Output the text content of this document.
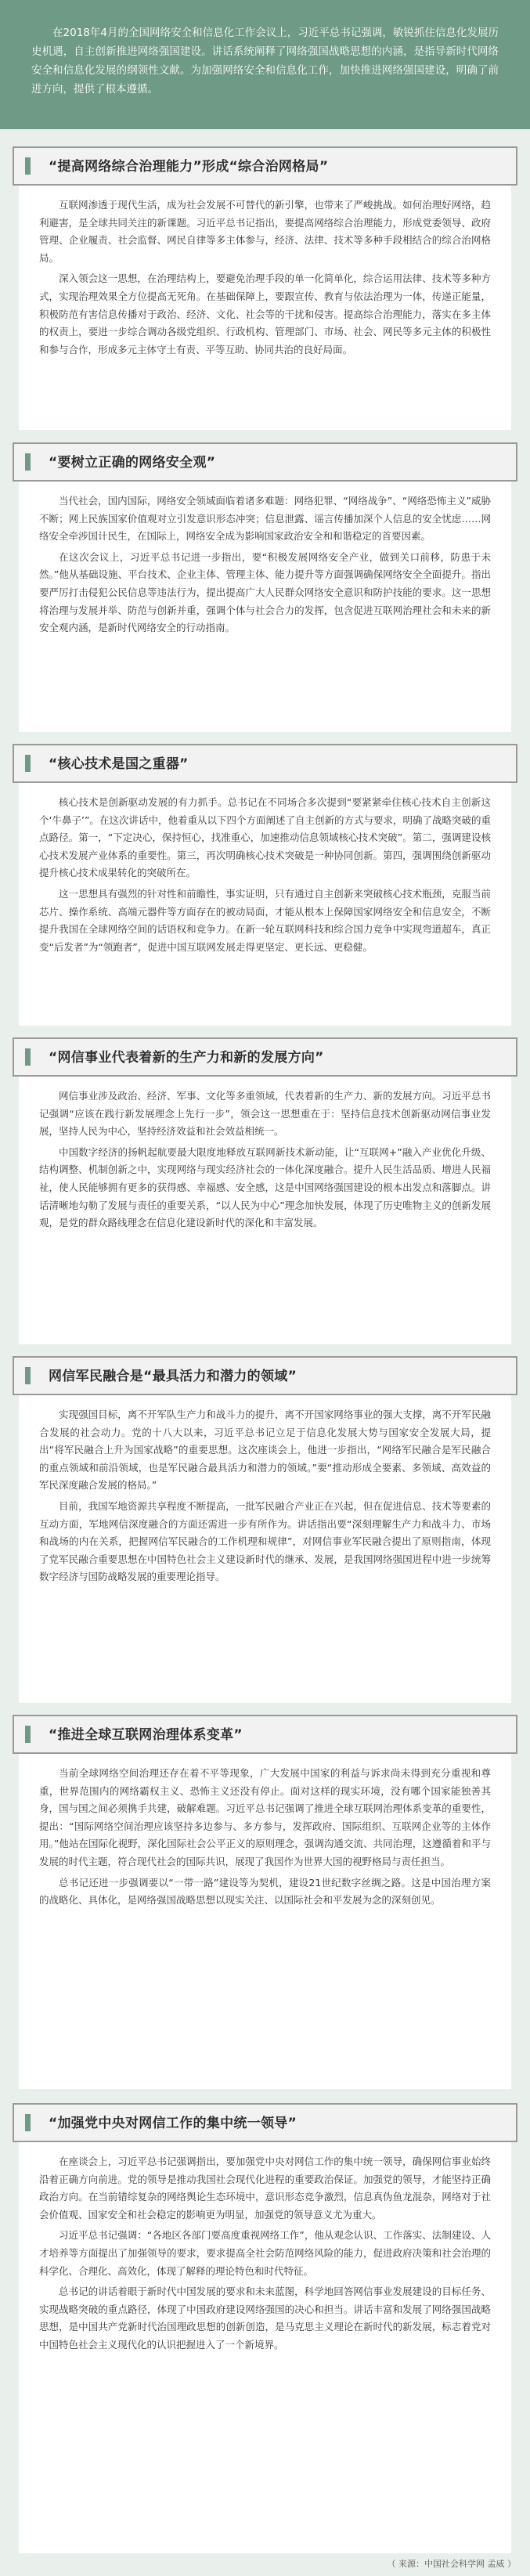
在2018年4月的全国网络安全和信息化工作会议上，习近平总书记强调，敏锐抓住信息化发展历史机遇，自主创新推进网络强国建设。讲话系统阐释了网络强国战略思想的内涵，是指导新时代网络安全和信息化发展的纲领性文献。为加强网络安全和信息化工作，加快推进网络强国建设，明确了前进方向，提供了根本遵循。
“提高网络综合治理能力”形成“综合治网格局”

互联网渗透于现代生活，成为社会发展不可替代的新引擎，也带来了严峻挑战。如何治理好网络，趋利避害，是全球共同关注的新课题。习近平总书记指出，要提高网络综合治理能力，形成党委领导、政府管理、企业履责、社会监督、网民自律等多主体参与，经济、法律、技术等多种手段相结合的综合治网格局。

深入领会这一思想，在治理结构上，要避免治理手段的单一化简单化，综合运用法律、技术等多种方式，实现治理效果全方位提高无死角。在基础保障上，要跟宣传、教育与依法治理为一体，传递正能量，积极防范有害信息传播对于政治、经济、文化、社会等的干扰和侵害。提高综合治理能力，落实在多主体的权责上，要进一步综合调动各级党组织、行政机构、管理部门、市场、社会、网民等多元主体的积极性和参与合作，形成多元主体守土有责、平等互助、协同共治的良好局面。

“要树立正确的网络安全观”

当代社会，国内国际，网络安全领域面临着诸多难题：网络犯罪、“网络战争”、“网络恐怖主义”威胁不断；网上民族国家价值观对立引发意识形态冲突；信息泄露、谣言传播加深个人信息的安全忧虑……网络安全牵涉国计民生，在国际上，网络安全成为影响国家政治安全和和谐稳定的首要因素。

在这次会议上，习近平总书记进一步指出，要“积极发展网络安全产业，做到关口前移，防患于未然。”他从基础设施、平台技术、企业主体、管理主体、能力提升等方面强调确保网络安全全面提升。指出要严厉打击侵犯公民信息等违法行为，提出提高广大人民群众网络安全意识和防护技能的要求。这一思想将治理与发展并举、防范与创新并重，强调个体与社会合力的发挥，包含促进互联网治理社会和未来的新安全观内涵，是新时代网络安全的行动指南。

“核心技术是国之重器”

核心技术是创新驱动发展的有力抓手。总书记在不同场合多次提到“要紧紧牵住核心技术自主创新这个‘牛鼻子’”。在这次讲话中，他着重从以下四个方面阐述了自主创新的方式与要求，明确了战略突破的重点路径。第一，“下定决心，保持恒心，找准重心，加速推动信息领域核心技术突破”。第二，强调建设核心技术发展产业体系的重要性。第三，再次明确核心技术突破是一种协同创新。第四，强调围绕创新驱动提升核心技术成果转化的突破所在。

这一思想具有强烈的针对性和前瞻性，事实证明，只有通过自主创新来突破核心技术瓶颈，克服当前芯片、操作系统、高端元器件等方面存在的被动局面，才能从根本上保障国家网络安全和信息安全，不断提升我国在全球网络空间的话语权和竞争力。在新一轮互联网科技和综合国力竞争中实现弯道超车，真正变“后发者”为“领跑者”，促进中国互联网发展走得更坚定、更长远、更稳健。

“网信事业代表着新的生产力和新的发展方向”

网信事业涉及政治、经济、军事、文化等多重领域，代表着新的生产力、新的发展方向。习近平总书记强调“应该在践行新发展理念上先行一步”，领会这一思想重在于：坚持信息技术创新驱动网信事业发展，坚持人民为中心，坚持经济效益和社会效益相统一。

中国数字经济的扬帆起航要最大限度地释放互联网新技术新动能，让“互联网+”融入产业优化升级、结构调整、机制创新之中，实现网络与现实经济社会的一体化深度融合。提升人民生活品质、增进人民福祉，使人民能够拥有更多的获得感、幸福感、安全感，这是中国网络强国建设的根本出发点和落脚点。讲话清晰地勾勒了发展与责任的重要关系，“以人民为中心”理念加快发展，体现了历史唯物主义的创新发展观，是党的群众路线理念在信息化建设新时代的深化和丰富发展。

网信军民融合是“最具活力和潜力的领域”

实现强国目标，离不开军队生产力和战斗力的提升，离不开国家网络事业的强大支撑，离不开军民融合发展的社会动力。党的十八大以来，习近平总书记立足于信息化发展大势与国家安全发展大局，提出“将军民融合上升为国家战略”的重要思想。这次座谈会上，他进一步指出，“网络军民融合是军民融合的重点领域和前沿领域，也是军民融合最具活力和潜力的领域。”要“推动形成全要素、多领域、高效益的军民深度融合发展的格局。”

目前，我国军地资源共享程度不断提高，一批军民融合产业正在兴起，但在促进信息、技术等要素的互动方面，军地网信深度融合的方面还需进一步有所作为。讲话指出要“深刻理解生产力和战斗力、市场和战场的内在关系，把握网信军民融合的工作机理和规律”，对网信事业军民融合提出了原则指南，体现了党军民融合重要思想在中国特色社会主义建设新时代的继承、发展，是我国网络强国进程中进一步统筹数字经济与国防战略发展的重要理论指导。

“推进全球互联网治理体系变革”

当前全球网络空间治理还存在着不平等现象，广大发展中国家的利益与诉求尚未得到充分重视和尊重，世界范围内的网络霸权主义、恐怖主义还没有停止。面对这样的现实环境，没有哪个国家能独善其身，国与国之间必须携手共建，破解难题。习近平总书记强调了推进全球互联网治理体系变革的重要性，提出：“国际网络空间治理应该坚持多边参与、多方参与，发挥政府、国际组织、互联网企业等的主体作用。”他站在国际化视野，深化国际社会公平正义的原则理念，强调沟通交流、共同治理，这遵循着和平与发展的时代主题，符合现代社会的国际共识，展现了我国作为世界大国的视野格局与责任担当。

总书记还进一步强调要以“一带一路”建设等为契机，建设21世纪数字丝绸之路。这是中国治理方案的战略化、具体化，是网络强国战略思想以现实关注、以国际社会和平发展为念的深刻创见。

“加强党中央对网信工作的集中统一领导”

在座谈会上，习近平总书记强调指出，要加强党中央对网信工作的集中统一领导，确保网信事业始终沿着正确方向前进。党的领导是推动我国社会现代化进程的重要政治保证。加强党的领导，才能坚持正确政治方向。在当前错综复杂的网络舆论生态环境中，意识形态竞争激烈，信息真伪鱼龙混杂，网络对于社会价值观、国家安全和社会稳定的影响更为明显，加强党的领导意义尤为重大。

习近平总书记强调：“各地区各部门要高度重视网络工作”，他从观念认识、工作落实、法制建设、人才培养等方面提出了加强领导的要求，要求提高全社会防范网络风险的能力，促进政府决策和社会治理的科学化、合理化、高效化，体现了解释的理论特色和时代特征。

总书记的讲话着眼于新时代中国发展的要求和未来蓝图，科学地回答网信事业发展建设的目标任务、实现战略突破的重点路径，体现了中国政府建设网络强国的决心和担当。讲话丰富和发展了网络强国战略思想，是中国共产党新时代治国理政思想的创新创造，是马克思主义理论在新时代的新发展，标志着党对中国特色社会主义现代化的认识把握进入了一个新境界。

（ 来源：中国社会科学网 孟威 ）
